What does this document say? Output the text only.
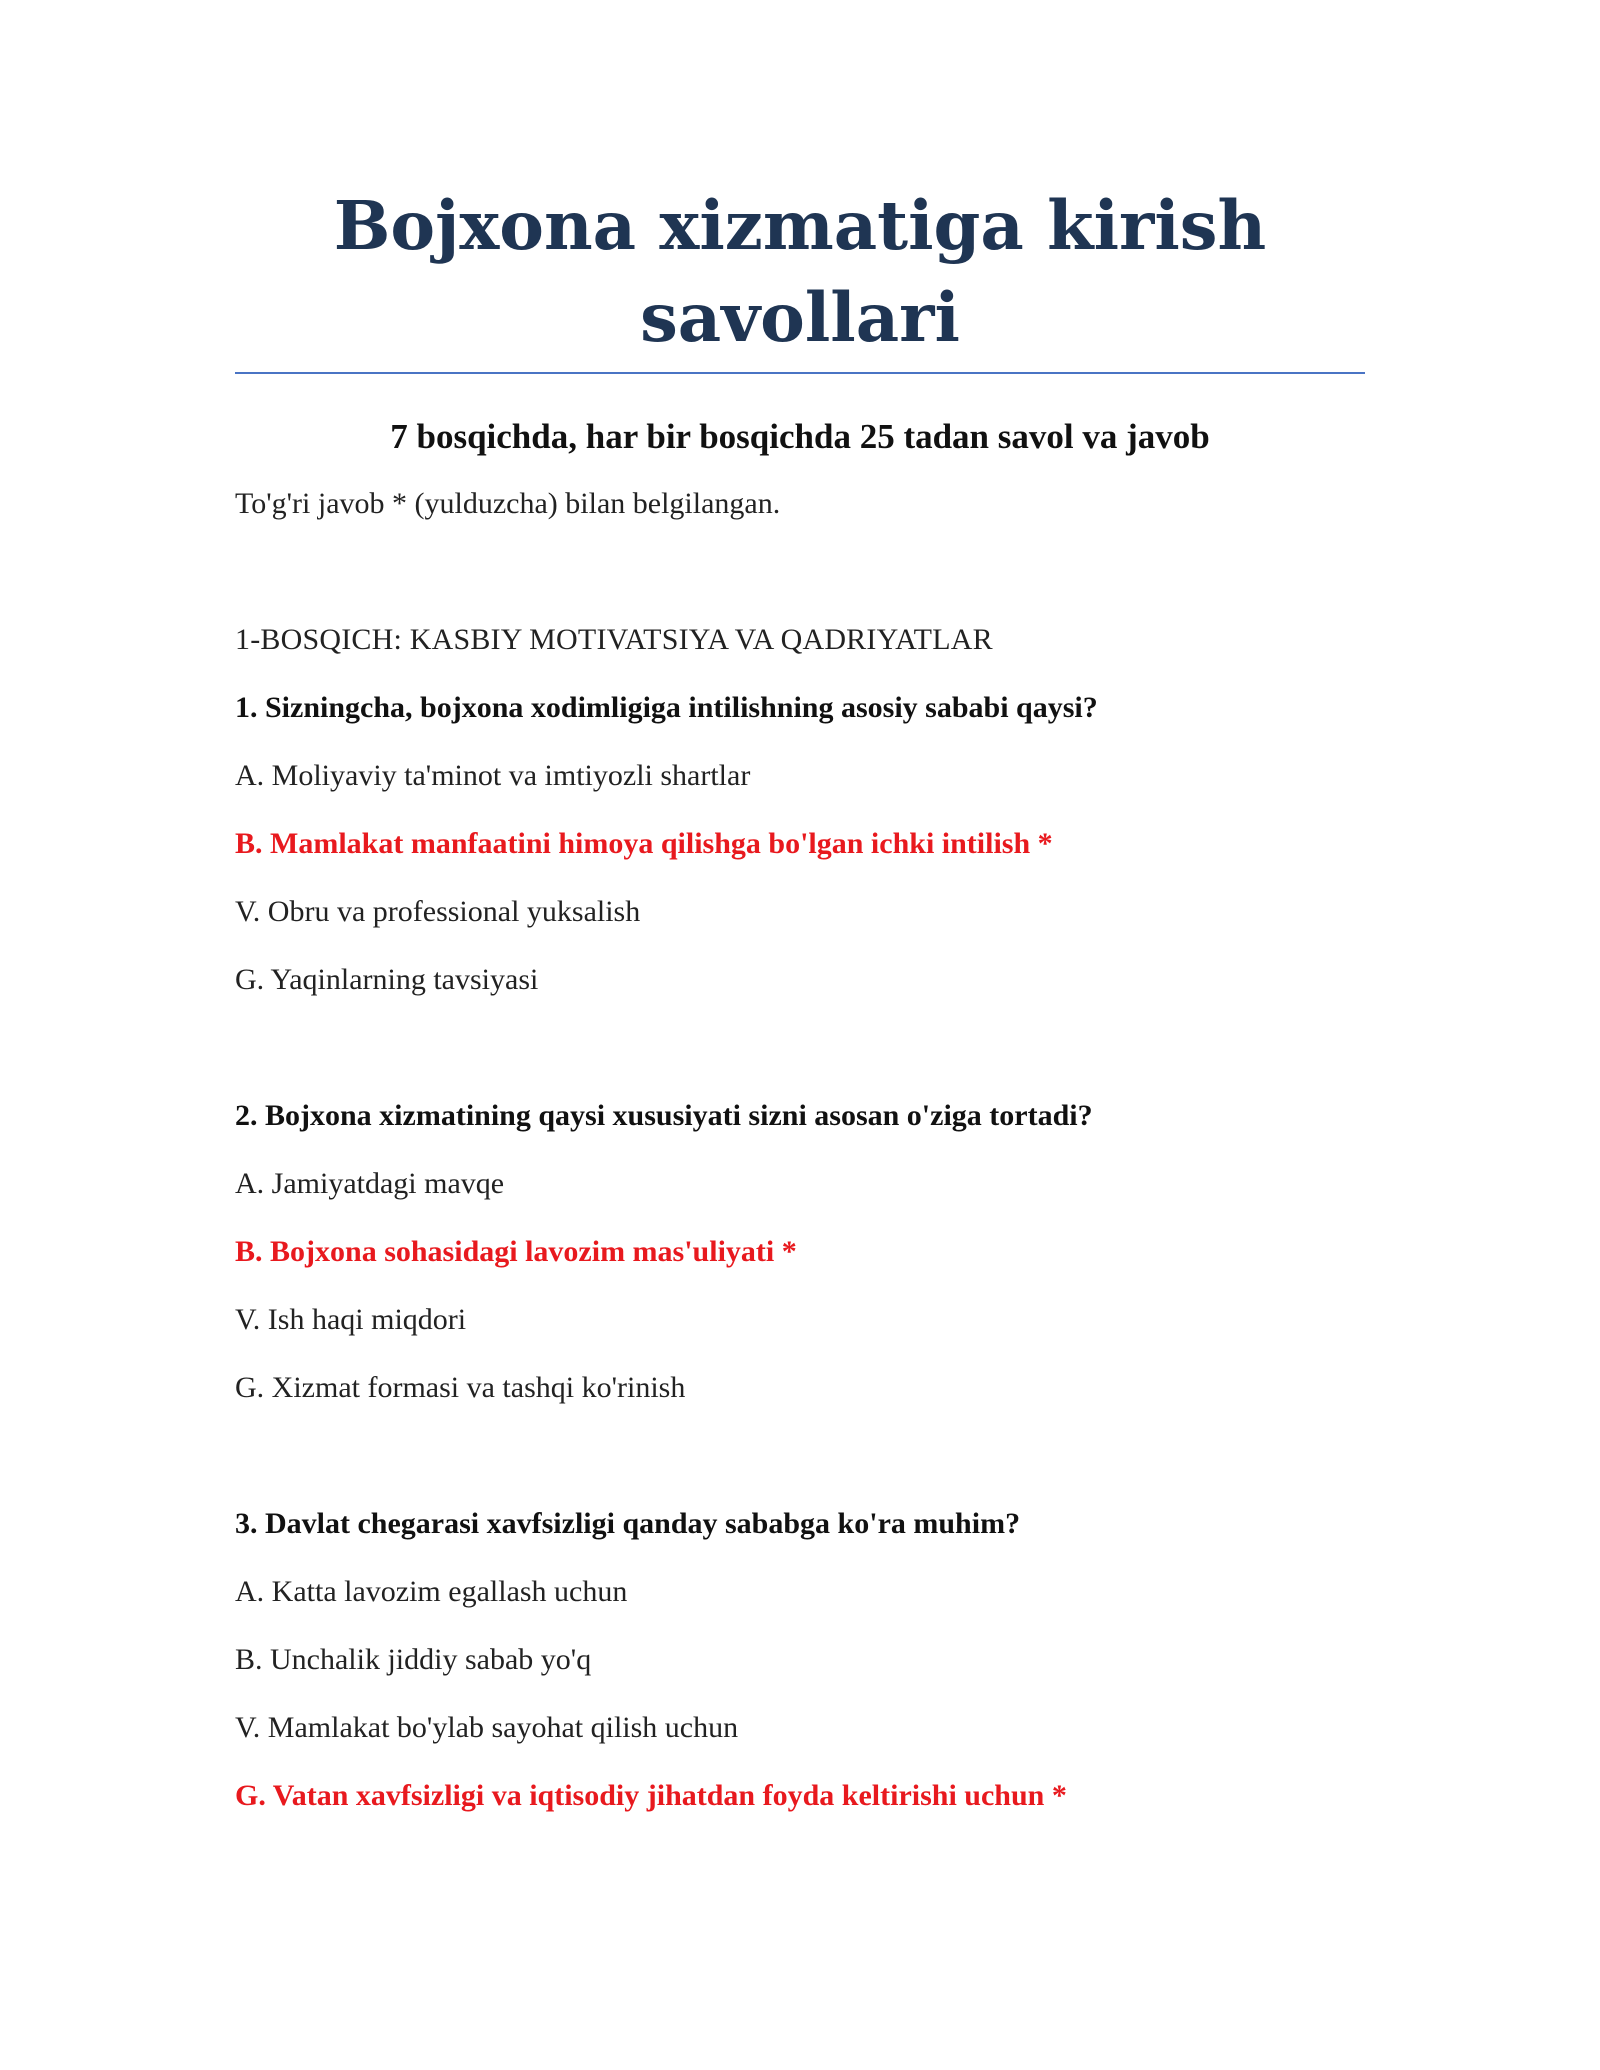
Bojxona xizmatiga kirish savollari

7 bosqichda, har bir bosqichda 25 tadan savol va javob

To'g'ri javob * (yulduzcha) bilan belgilangan.

1-BOSQICH: KASBIY MOTIVATSIYA VA QADRIYATLAR

1. Sizningcha, bojxona xodimligiga intilishning asosiy sababi qaysi?

A. Moliyaviy ta'minot va imtiyozli shartlar

B. Mamlakat manfaatini himoya qilishga bo'lgan ichki intilish *

V. Obru va professional yuksalish

G. Yaqinlarning tavsiyasi

2. Bojxona xizmatining qaysi xususiyati sizni asosan o'ziga tortadi?

A. Jamiyatdagi mavqe

B. Bojxona sohasidagi lavozim mas'uliyati *

V. Ish haqi miqdori

G. Xizmat formasi va tashqi ko'rinish

3. Davlat chegarasi xavfsizligi qanday sababga ko'ra muhim?

A. Katta lavozim egallash uchun

B. Unchalik jiddiy sabab yo'q

V. Mamlakat bo'ylab sayohat qilish uchun

G. Vatan xavfsizligi va iqtisodiy jihatdan foyda keltirishi uchun *
